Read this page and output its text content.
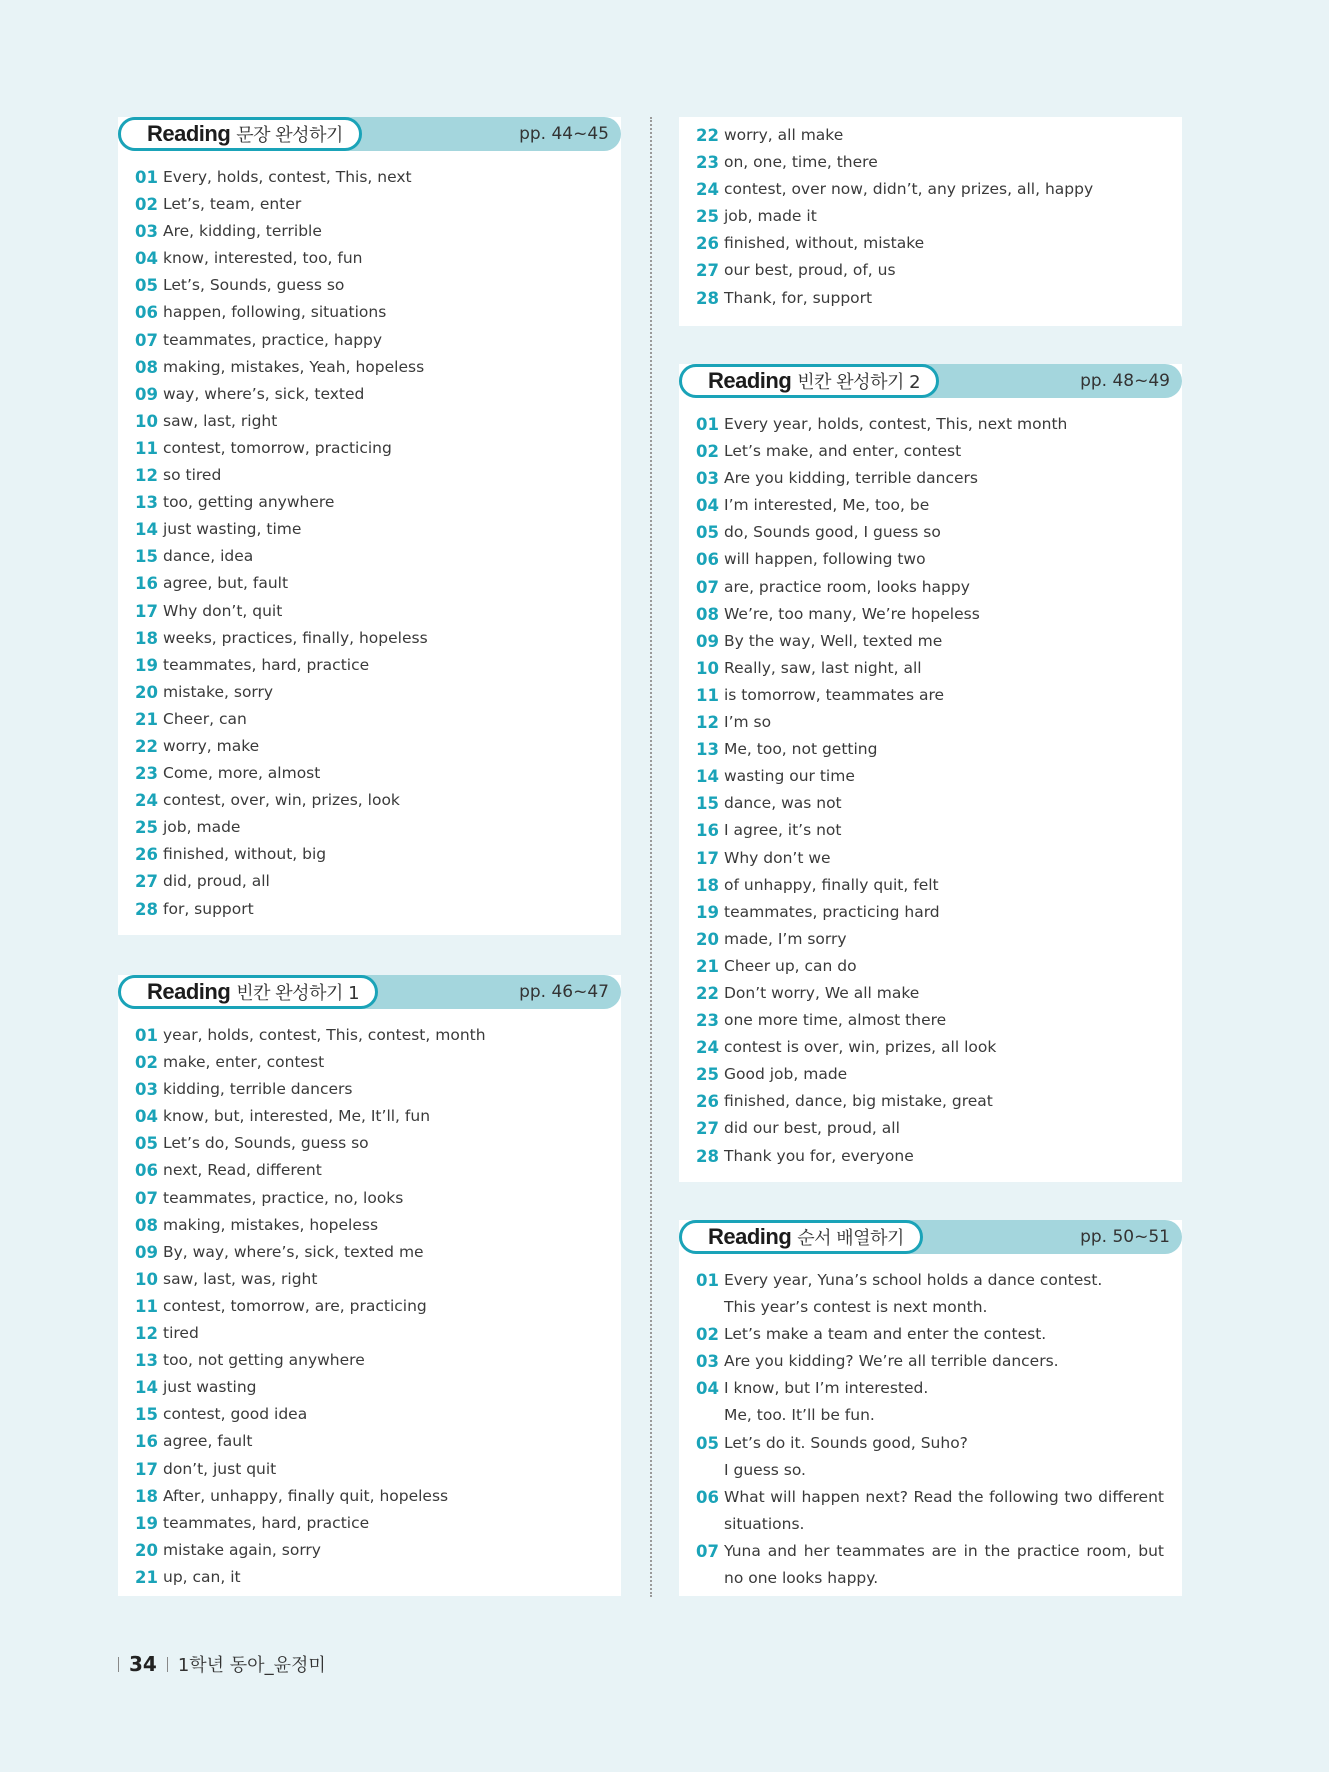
Reading 문장 완성하기	pp. 44~45
01 Every, holds, contest, This, next
02 Let’s, team, enter
03 Are, kidding, terrible
04 know, interested, too, fun
05 Let’s, Sounds, guess so
06 happen, following, situations
07 teammates, practice, happy
08 making, mistakes, Yeah, hopeless
09 way, where’s, sick, texted
10 saw, last, right
11 contest, tomorrow, practicing
12 so tired
13 too, getting anywhere
14 just wasting, time
15 dance, idea
16 agree, but, fault
17 Why don’t, quit
18 weeks, practices, finally, hopeless
19 teammates, hard, practice
20 mistake, sorry
21 Cheer, can
22 worry, make
23 Come, more, almost
24 contest, over, win, prizes, look
25 job, made
26 finished, without, big
27 did, proud, all
28 for, support
Reading 빈칸 완성하기 1	pp. 46~47
01 year, holds, contest, This, contest, month
02 make, enter, contest
03 kidding, terrible dancers
04 know, but, interested, Me, It’ll, fun
05 Let’s do, Sounds, guess so
06 next, Read, different
07 teammates, practice, no, looks
08 making, mistakes, hopeless
09 By, way, where’s, sick, texted me
10 saw, last, was, right
11 contest, tomorrow, are, practicing
12 tired
13 too, not getting anywhere
14 just wasting
15 contest, good idea
16 agree, fault
17 don’t, just quit
18 After, unhappy, finally quit, hopeless
19 teammates, hard, practice
20 mistake again, sorry
21 up, can, it
22 worry, all make
23 on, one, time, there
24 contest, over now, didn’t, any prizes, all, happy
25 job, made it
26 finished, without, mistake
27 our best, proud, of, us
28 Thank, for, support
Reading 빈칸 완성하기 2	pp. 48~49
01 Every year, holds, contest, This, next month
02 Let’s make, and enter, contest
03 Are you kidding, terrible dancers
04 I’m interested, Me, too, be
05 do, Sounds good, I guess so
06 will happen, following two
07 are, practice room, looks happy
08 We’re, too many, We’re hopeless
09 By the way, Well, texted me
10 Really, saw, last night, all
11 is tomorrow, teammates are
12 I’m so
13 Me, too, not getting
14 wasting our time
15 dance, was not
16 I agree, it’s not
17 Why don’t we
18 of unhappy, finally quit, felt
19 teammates, practicing hard
20 made, I’m sorry
21 Cheer up, can do
22 Don’t worry, We all make
23 one more time, almost there
24 contest is over, win, prizes, all look
25 Good job, made
26 finished, dance, big mistake, great
27 did our best, proud, all
28 Thank you for, everyone
Reading 순서 배열하기	pp. 50~51
01 Every year, Yuna’s school holds a dance contest.
This year’s contest is next month.
02 Let’s make a team and enter the contest.
03 Are you kidding? We’re all terrible dancers.
04 I know, but I’m interested.
Me, too. It’ll be fun.
05 Let’s do it. Sounds good, Suho?
I guess so.
06 What will happen next? Read the following two different situations.
07 Yuna and her teammates are in the practice room, but no one looks happy.
34 1학년 동아_윤정미
